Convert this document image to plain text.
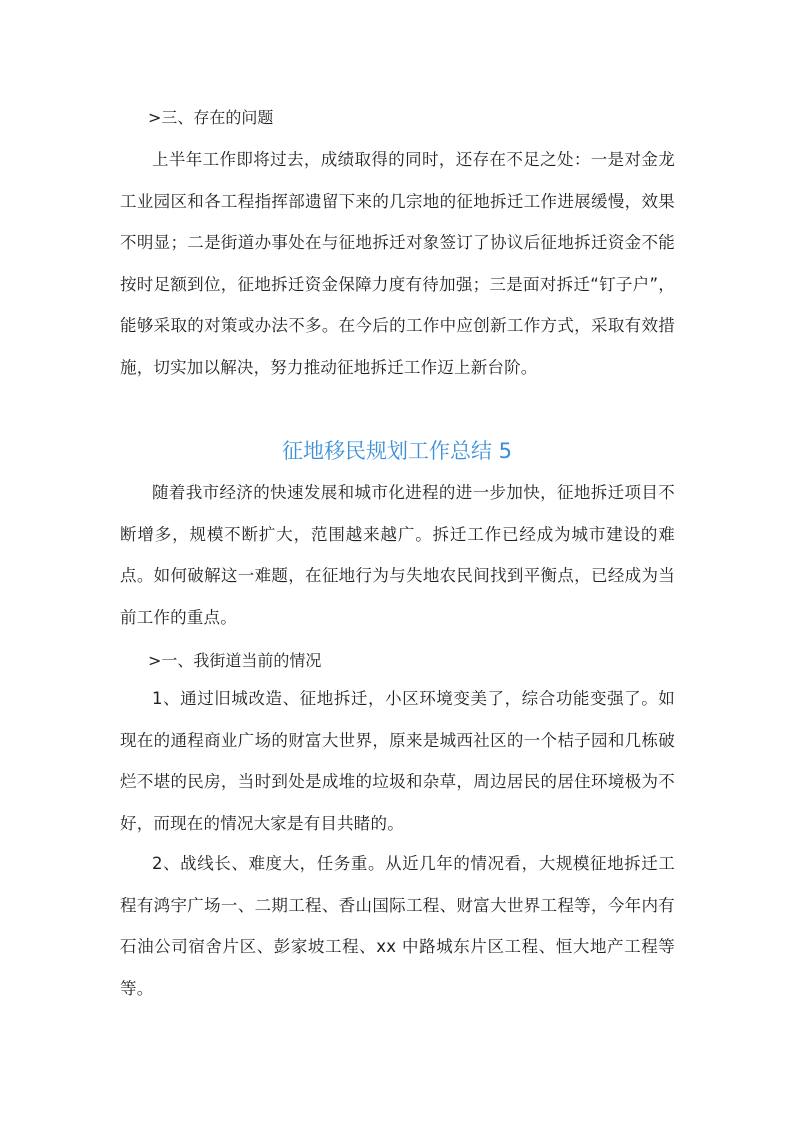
>三、存在的问题

上半年工作即将过去，成绩取得的同时，还存在不足之处：一是对金龙工业园区和各工程指挥部遗留下来的几宗地的征地拆迁工作进展缓慢，效果不明显；二是街道办事处在与征地拆迁对象签订了协议后征地拆迁资金不能按时足额到位，征地拆迁资金保障力度有待加强；三是面对拆迁“钉子户”，能够采取的对策或办法不多。在今后的工作中应创新工作方式，采取有效措施，切实加以解决，努力推动征地拆迁工作迈上新台阶。

征地移民规划工作总结 5

随着我市经济的快速发展和城市化进程的进一步加快，征地拆迁项目不断增多，规模不断扩大，范围越来越广。拆迁工作已经成为城市建设的难点。如何破解这一难题，在征地行为与失地农民间找到平衡点，已经成为当前工作的重点。

>一、我街道当前的情况

1、通过旧城改造、征地拆迁，小区环境变美了，综合功能变强了。如现在的通程商业广场的财富大世界，原来是城西社区的一个桔子园和几栋破烂不堪的民房，当时到处是成堆的垃圾和杂草，周边居民的居住环境极为不好，而现在的情况大家是有目共睹的。

2、战线长、难度大，任务重。从近几年的情况看，大规模征地拆迁工程有鸿宇广场一、二期工程、香山国际工程、财富大世界工程等，今年内有石油公司宿舍片区、彭家坡工程、xx 中路城东片区工程、恒大地产工程等等。
